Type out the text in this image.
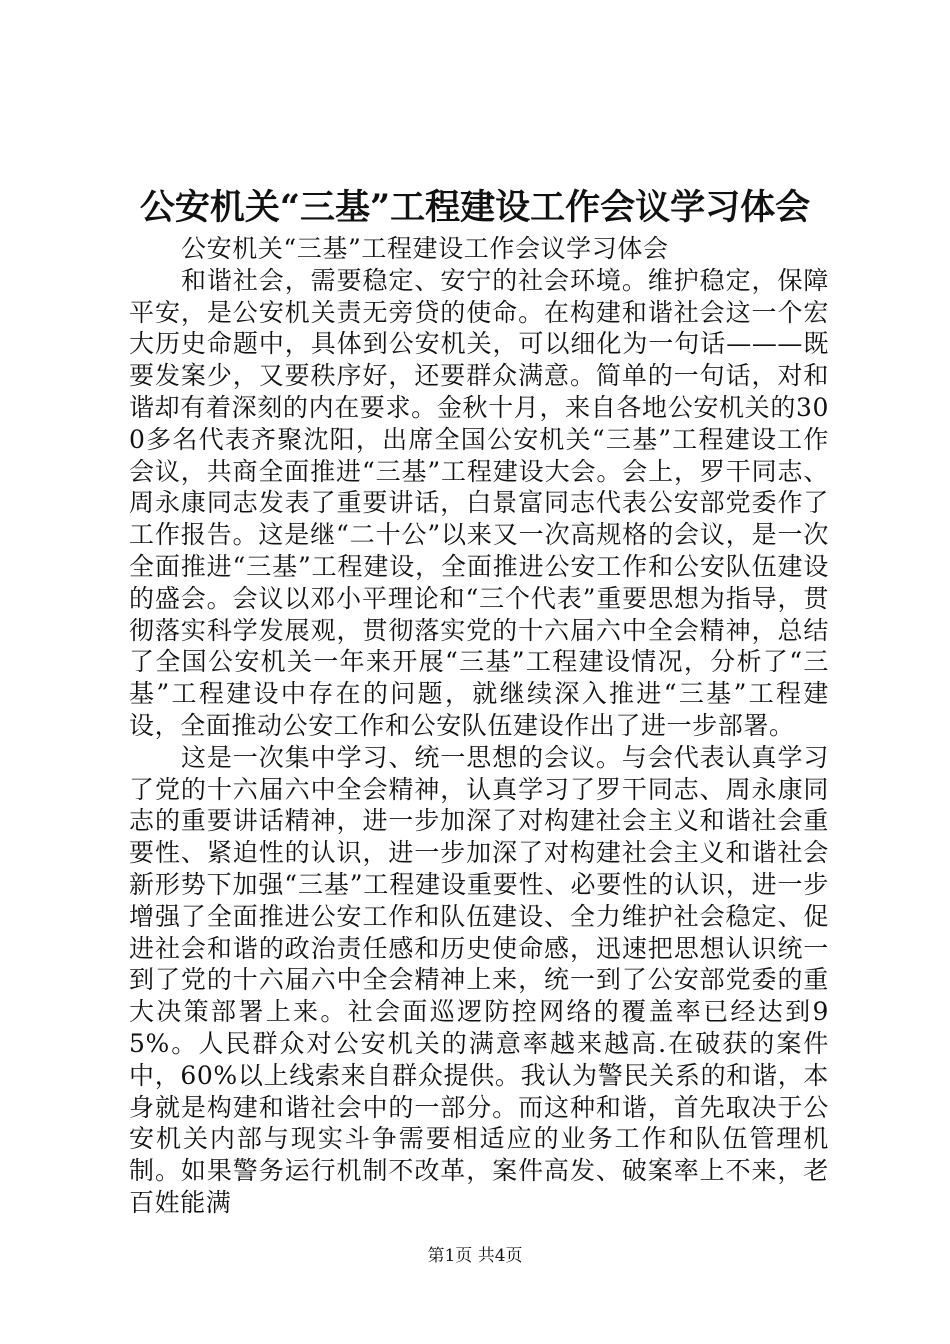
公安机关“三基”工程建设工作会议学习体会

公安机关“三基”工程建设工作会议学习体会

和谐社会，需要稳定、安宁的社会环境。维护稳定，保障平安，是公安机关责无旁贷的使命。在构建和谐社会这一个宏大历史命题中，具体到公安机关，可以细化为一句话———既要发案少，又要秩序好，还要群众满意。简单的一句话，对和谐却有着深刻的内在要求。金秋十月，来自各地公安机关的300多名代表齐聚沈阳，出席全国公安机关“三基”工程建设工作会议，共商全面推进“三基”工程建设大会。会上，罗干同志、周永康同志发表了重要讲话，白景富同志代表公安部党委作了工作报告。这是继“二十公”以来又一次高规格的会议，是一次全面推进“三基”工程建设，全面推进公安工作和公安队伍建设的盛会。会议以邓小平理论和“三个代表”重要思想为指导，贯彻落实科学发展观，贯彻落实党的十六届六中全会精神，总结了全国公安机关一年来开展“三基”工程建设情况，分析了“三基”工程建设中存在的问题，就继续深入推进“三基”工程建设，全面推动公安工作和公安队伍建设作出了进一步部署。

这是一次集中学习、统一思想的会议。与会代表认真学习了党的十六届六中全会精神，认真学习了罗干同志、周永康同志的重要讲话精神，进一步加深了对构建社会主义和谐社会重要性、紧迫性的认识，进一步加深了对构建社会主义和谐社会新形势下加强“三基”工程建设重要性、必要性的认识，进一步增强了全面推进公安工作和队伍建设、全力维护社会稳定、促进社会和谐的政治责任感和历史使命感，迅速把思想认识统一到了党的十六届六中全会精神上来，统一到了公安部党委的重大决策部署上来。社会面巡逻防控网络的覆盖率已经达到95%。人民群众对公安机关的满意率越来越高.在破获的案件中，60%以上线索来自群众提供。我认为警民关系的和谐，本身就是构建和谐社会中的一部分。而这种和谐，首先取决于公安机关内部与现实斗争需要相适应的业务工作和队伍管理机制。如果警务运行机制不改革，案件高发、破案率上不来，老百姓能满

第1页 共4页
